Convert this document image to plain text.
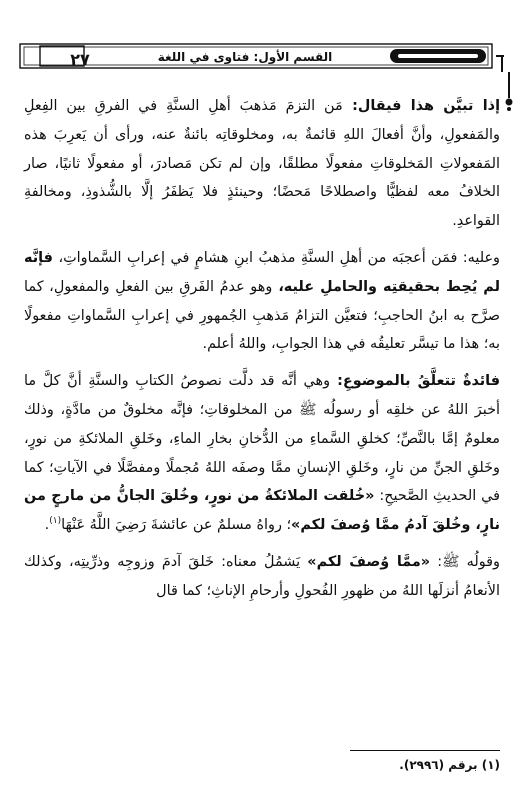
٢٧	القسم الأول: فتاوى في اللغة

إذا تبيَّن هذا فيقال: مَن التزمَ مَذهبَ أهلِ السنَّةِ في الفرقِ بين الفِعلِ والمَفعولِ، وأنَّ أفعالَ اللهِ قائمةٌ به، ومخلوقاتِه بائنةٌ عنه، ورأى أن يَعرِبَ هذه المَفعولاتِ المَخلوقاتِ مفعولًا مطلقًا، وإن لم تكن مَصادرَ، أو مفعولًا ثانيًا، صار الخلافُ معه لفظيًّا واصطلاحًا مَحضًا؛ وحينئذٍ فلا يَظفَرُ إلَّا بالشُّذوذِ، ومخالفةِ القواعدِ.

وعليه: فمَن أعجبَه من أهلِ السنَّةِ مذهبُ ابنِ هشامٍ في إعرابِ السَّماواتِ، فإنَّه لم يُحِط بحقيقتِه والحاملِ عليه، وهو عدمُ الفَرقِ بين الفعلِ والمفعولِ، كما صرَّح به ابنُ الحاجبِ؛ فتعيَّن التزامُ مَذهبِ الجُمهورِ في إعرابِ السَّماواتِ مفعولًا به؛ هذا ما تيسَّر تعليقُه في هذا الجوابِ، واللهُ أعلم.

فائدةٌ تتعلَّقُ بالموضوعِ: وهي أنَّه قد دلَّت نصوصُ الكتابِ والسنَّةِ أنَّ كلَّ ما أخبرَ اللهُ عن خلقِه أو رسولُه ﷺ من المخلوقاتِ؛ فإنَّه مخلوقٌ من مادَّةٍ، وذلك معلومٌ إمَّا بالنَّصِّ؛ كخلقِ السَّماءِ من الدُّخانِ بخارِ الماءِ، وخَلقِ الملائكةِ من نورٍ، وخَلقِ الجنِّ من نارٍ، وخَلقِ الإنسانِ ممَّا وصفَه اللهُ مُجملًا ومفصَّلًا في الآياتِ؛ كما في الحديثِ الصَّحيحِ: «خُلقت الملائكةُ من نورٍ، وخُلقَ الجانُّ من مارجٍ من نارٍ، وخُلقَ آدمُ ممَّا وُصفَ لكم»؛ رواهُ مسلمٌ عن عائشةَ رَضِيَ اللَّهُ عَنْهَا$^{(١)}$.

وقولُه ﷺ: «ممَّا وُصفَ لكم» يَشمُلُ معناه: خَلقَ آدمَ وزوجِه وذرِّيتِه، وكذلك الأنعامُ أنزلَها اللهُ من ظهورِ الفُحولِ وأرحامِ الإناثِ؛ كما قال

(١) برقم (٢٩٩٦).
